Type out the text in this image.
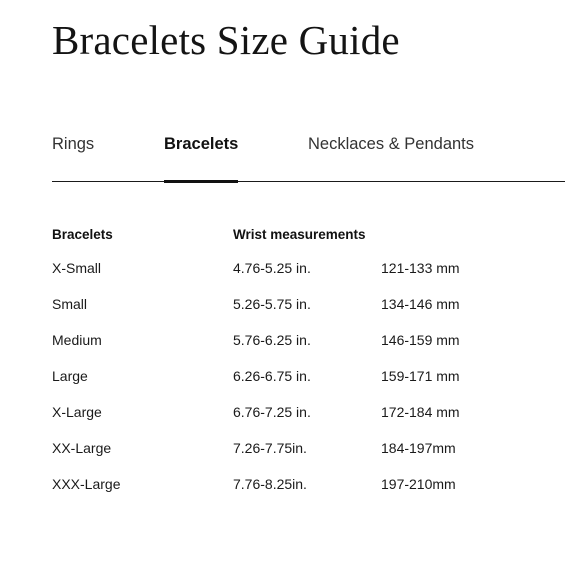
Bracelets Size Guide
Rings	Bracelets	Necklaces & Pendants
Bracelets	Wrist measurements
X-Small	4.76-5.25 in.	121-133 mm
Small	5.26-5.75 in.	134-146 mm
Medium	5.76-6.25 in.	146-159 mm
Large	6.26-6.75 in.	159-171 mm
X-Large	6.76-7.25 in.	172-184 mm
XX-Large	7.26-7.75in.	184-197mm
XXX-Large	7.76-8.25in.	197-210mm
